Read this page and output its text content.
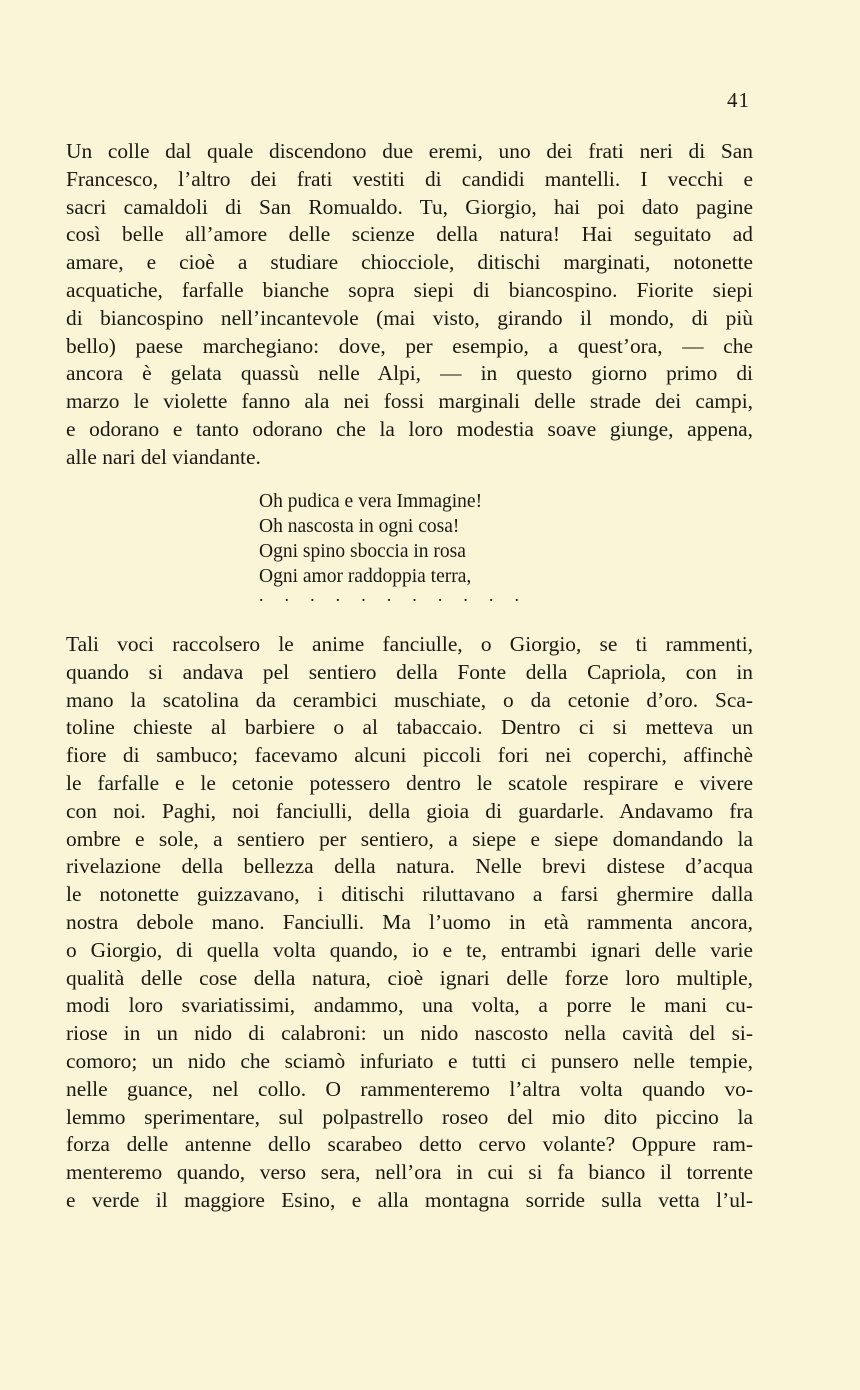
41
Un colle dal quale discendono due eremi, uno dei frati neri di San
Francesco, l’altro dei frati vestiti di candidi mantelli. I vecchi e
sacri camaldoli di San Romualdo. Tu, Giorgio, hai poi dato pagine
così belle all’amore delle scienze della natura! Hai seguitato ad
amare, e cioè a studiare chiocciole, ditischi marginati, notonette
acquatiche, farfalle bianche sopra siepi di biancospino. Fiorite siepi
di biancospino nell’incantevole (mai visto, girando il mondo, di più
bello) paese marchegiano: dove, per esempio, a quest’ora, — che
ancora è gelata quassù nelle Alpi, — in questo giorno primo di
marzo le violette fanno ala nei fossi marginali delle strade dei campi,
e odorano e tanto odorano che la loro modestia soave giunge, appena,
alle nari del viandante.
Oh pudica e vera Immagine!
Oh nascosta in ogni cosa!
Ogni spino sboccia in rosa
Ogni amor raddoppia terra,
. . . . . . . . . . .
Tali voci raccolsero le anime fanciulle, o Giorgio, se ti rammenti,
quando si andava pel sentiero della Fonte della Capriola, con in
mano la scatolina da cerambici muschiate, o da cetonie d’oro. Sca-
toline chieste al barbiere o al tabaccaio. Dentro ci si metteva un
fiore di sambuco; facevamo alcuni piccoli fori nei coperchi, affinchè
le farfalle e le cetonie potessero dentro le scatole respirare e vivere
con noi. Paghi, noi fanciulli, della gioia di guardarle. Andavamo fra
ombre e sole, a sentiero per sentiero, a siepe e siepe domandando la
rivelazione della bellezza della natura. Nelle brevi distese d’acqua
le notonette guizzavano, i ditischi riluttavano a farsi ghermire dalla
nostra debole mano. Fanciulli. Ma l’uomo in età rammenta ancora,
o Giorgio, di quella volta quando, io e te, entrambi ignari delle varie
qualità delle cose della natura, cioè ignari delle forze loro multiple,
modi loro svariatissimi, andammo, una volta, a porre le mani cu-
riose in un nido di calabroni: un nido nascosto nella cavità del si-
comoro; un nido che sciamò infuriato e tutti ci punsero nelle tempie,
nelle guance, nel collo. O rammenteremo l’altra volta quando vo-
lemmo sperimentare, sul polpastrello roseo del mio dito piccino la
forza delle antenne dello scarabeo detto cervo volante? Oppure ram-
menteremo quando, verso sera, nell’ora in cui si fa bianco il torrente
e verde il maggiore Esino, e alla montagna sorride sulla vetta l’ul-
